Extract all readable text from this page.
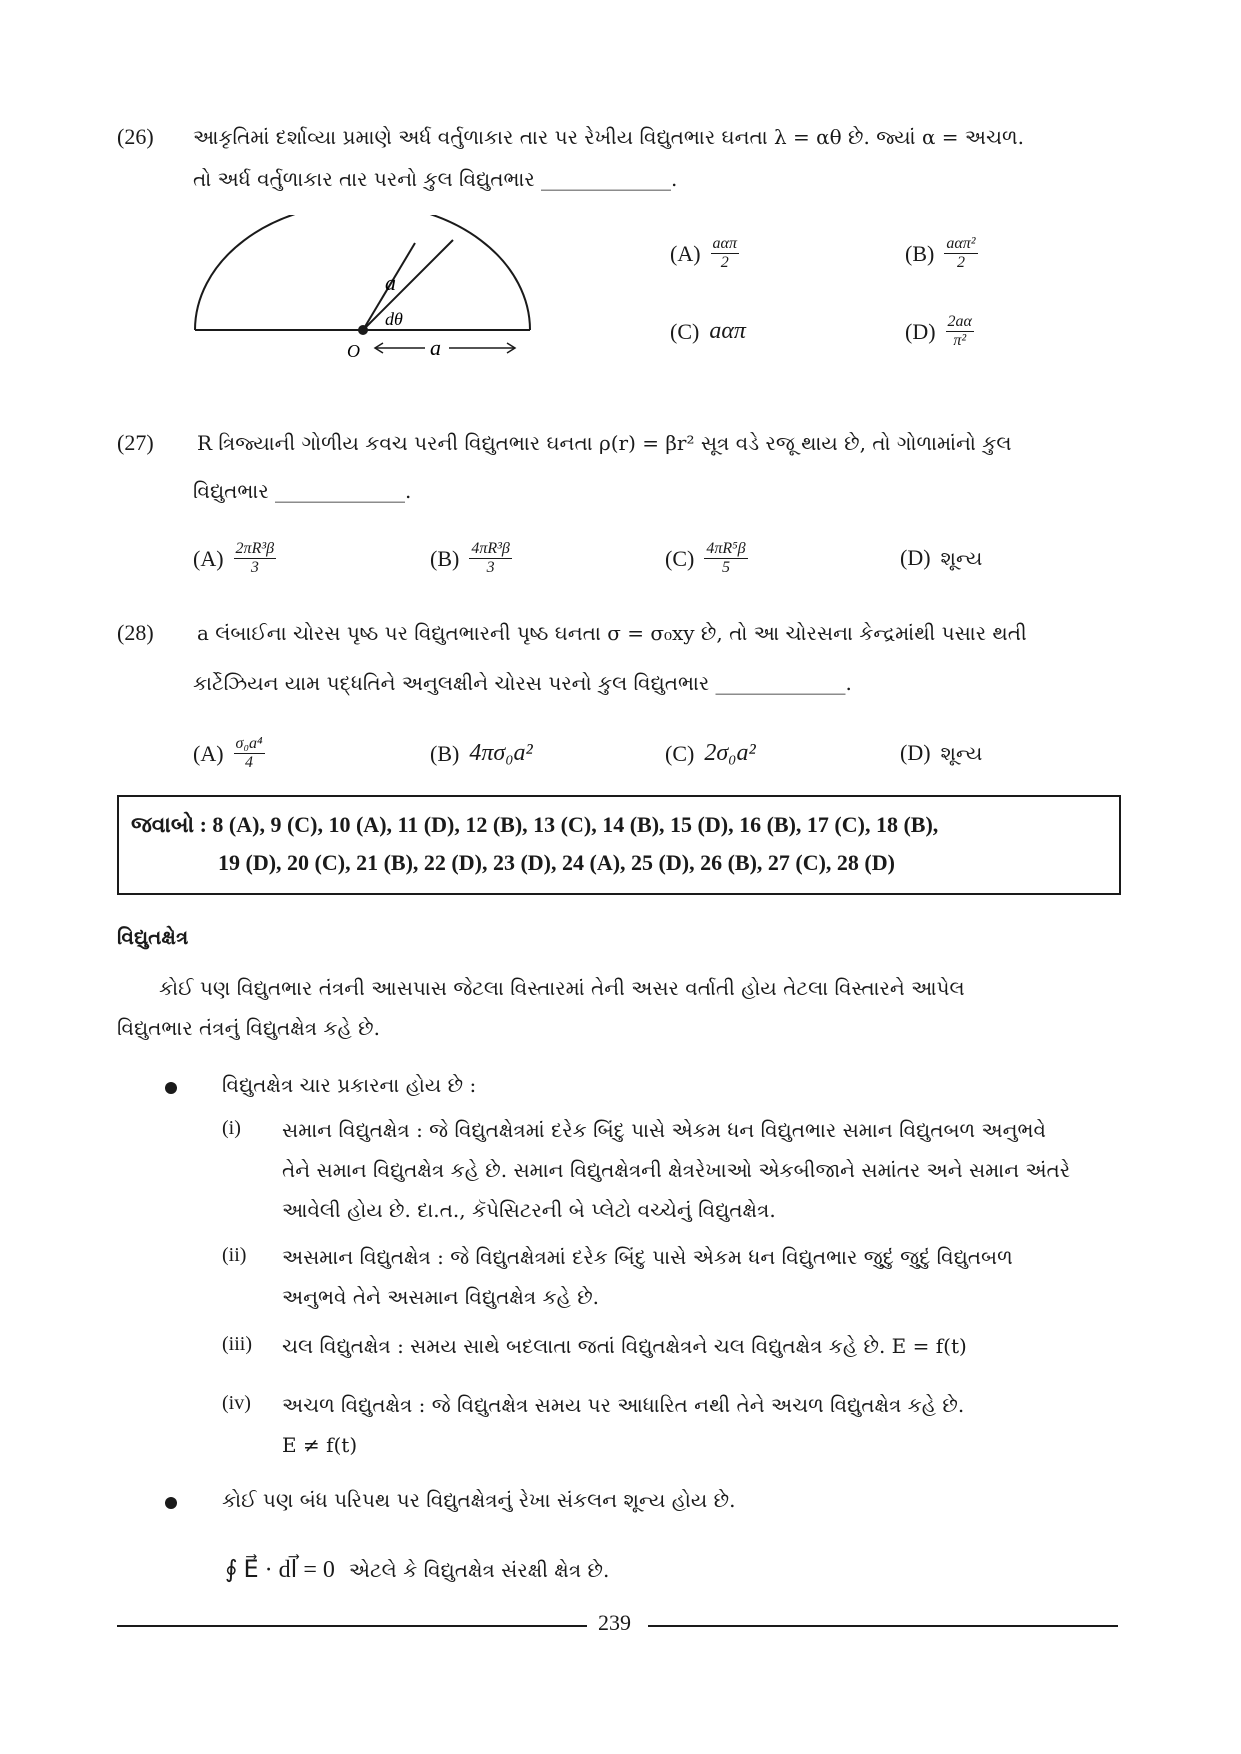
(26) આકૃતિમાં દર્શાવ્યા પ્રમાણે અર્ધ વર્તુળાકાર તાર પર રેખીય વિદ્યુતભાર ઘનતા λ = αθ છે. જ્યાં α = અચળ.
તો અર્ધ વર્તુળાકાર તાર પરનો કુલ વિદ્યુતભાર _____________.
dθ
a
O	a
$(A) \frac{\text{aαπ}}{2}$	$(B) \frac{\text{aαπ²}}{2}$
(C) aαπ	$(D) \frac{2a\alpha}{\text{π²}}$
(27) R ત્રિજ્યાની ગોળીય કવચ પરની વિદ્યુતભાર ઘનતા ρ(r) = βr² સૂત્ર વડે રજૂ થાય છે, તો ગોળામાંનો કુલ
વિદ્યુતભાર _____________.
$(A) \frac{\text{2πR³β}}{3}$	$(B) \frac{\text{4πR³β}}{3}$	$(C) \frac{\text{4πR⁵β}}{5}$	(D) શૂન્ય
(28) a લંબાઈના ચોરસ પૃષ્ઠ પર વિદ્યુતભારની પૃષ્ઠ ઘનતા σ = σ₀xy છે, તો આ ચોરસના કેન્દ્રમાંથી પસાર થતી
કાર્ટેઝિયન યામ પદ્ધતિને અનુલક્ષીને ચોરસ પરનો કુલ વિદ્યુતભાર _____________.
$(A) \frac{\text{σ₀a⁴}}{4}$	(B) 4πσ₀a²	(C) 2σ₀a²	(D) શૂન્ય
જવાબો : 8 (A), 9 (C), 10 (A), 11 (D), 12 (B), 13 (C), 14 (B), 15 (D), 16 (B), 17 (C), 18 (B),
19 (D), 20 (C), 21 (B), 22 (D), 23 (D), 24 (A), 25 (D), 26 (B), 27 (C), 28 (D)
વિદ્યુતક્ષેત્ર
કોઈ પણ વિદ્યુતભાર તંત્રની આસપાસ જેટલા વિસ્તારમાં તેની અસર વર્તાતી હોય તેટલા વિસ્તારને આપેલ
વિદ્યુતભાર તંત્રનું વિદ્યુતક્ષેત્ર કહે છે.
વિદ્યુતક્ષેત્ર ચાર પ્રકારના હોય છે :
(i) સમાન વિદ્યુતક્ષેત્ર : જે વિદ્યુતક્ષેત્રમાં દરેક બિંદુ પાસે એકમ ધન વિદ્યુતભાર સમાન વિદ્યુતબળ અનુભવે
તેને સમાન વિદ્યુતક્ષેત્ર કહે છે. સમાન વિદ્યુતક્ષેત્રની ક્ષેત્રરેખાઓ એકબીજાને સમાંતર અને સમાન અંતરે
આવેલી હોય છે. દા.ત., કૅપેસિટરની બે પ્લેટો વચ્ચેનું વિદ્યુતક્ષેત્ર.
(ii) અસમાન વિદ્યુતક્ષેત્ર : જે વિદ્યુતક્ષેત્રમાં દરેક બિંદુ પાસે એકમ ધન વિદ્યુતભાર જુદું જુદું વિદ્યુતબળ
અનુભવે તેને અસમાન વિદ્યુતક્ષેત્ર કહે છે.
(iii) ચલ વિદ્યુતક્ષેત્ર : સમય સાથે બદલાતા જતાં વિદ્યુતક્ષેત્રને ચલ વિદ્યુતક્ષેત્ર કહે છે. E = f(t)
(iv) અચળ વિદ્યુતક્ષેત્ર : જે વિદ્યુતક્ષેત્ર સમય પર આધારિત નથી તેને અચળ વિદ્યુતક્ષેત્ર કહે છે.
E ≠ f(t)
કોઈ પણ બંધ પરિપથ પર વિદ્યુતક્ષેત્રનું રેખા સંકલન શૂન્ય હોય છે.
∮ E⃗ · dl⃗ = 0 એટલે કે વિદ્યુતક્ષેત્ર સંરક્ષી ક્ષેત્ર છે.
239
